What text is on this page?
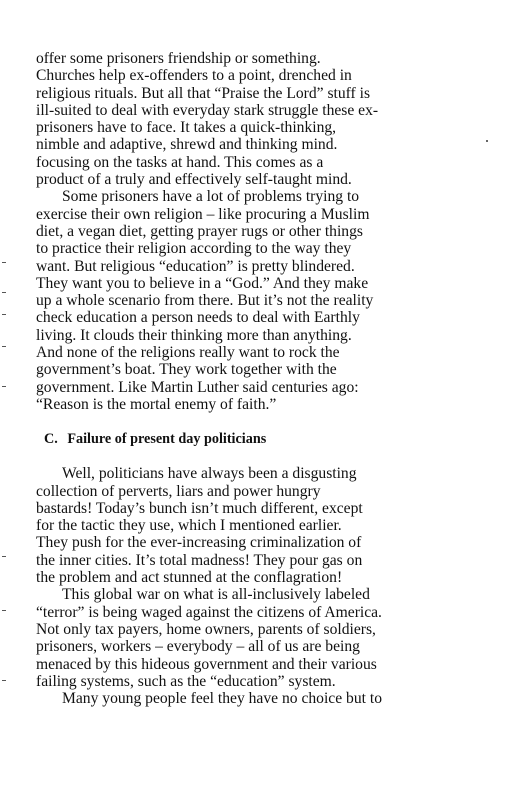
offer some prisoners friendship or something.
Churches help ex-offenders to a point, drenched in
religious rituals. But all that “Praise the Lord” stuff is
ill-suited to deal with everyday stark struggle these ex-
prisoners have to face. It takes a quick-thinking,
nimble and adaptive, shrewd and thinking mind.
focusing on the tasks at hand. This comes as a
product of a truly and effectively self-taught mind.
Some prisoners have a lot of problems trying to
exercise their own religion – like procuring a Muslim
diet, a vegan diet, getting prayer rugs or other things
to practice their religion according to the way they
want. But religious “education” is pretty blindered.
They want you to believe in a “God.” And they make
up a whole scenario from there. But it’s not the reality
check education a person needs to deal with Earthly
living. It clouds their thinking more than anything.
And none of the religions really want to rock the
government’s boat. They work together with the
government. Like Martin Luther said centuries ago:
“Reason is the mortal enemy of faith.”
C. Failure of present day politicians
Well, politicians have always been a disgusting
collection of perverts, liars and power hungry
bastards! Today’s bunch isn’t much different, except
for the tactic they use, which I mentioned earlier.
They push for the ever-increasing criminalization of
the inner cities. It’s total madness! They pour gas on
the problem and act stunned at the conflagration!
This global war on what is all-inclusively labeled
“terror” is being waged against the citizens of America.
Not only tax payers, home owners, parents of soldiers,
prisoners, workers – everybody – all of us are being
menaced by this hideous government and their various
failing systems, such as the “education” system.
Many young people feel they have no choice but to
